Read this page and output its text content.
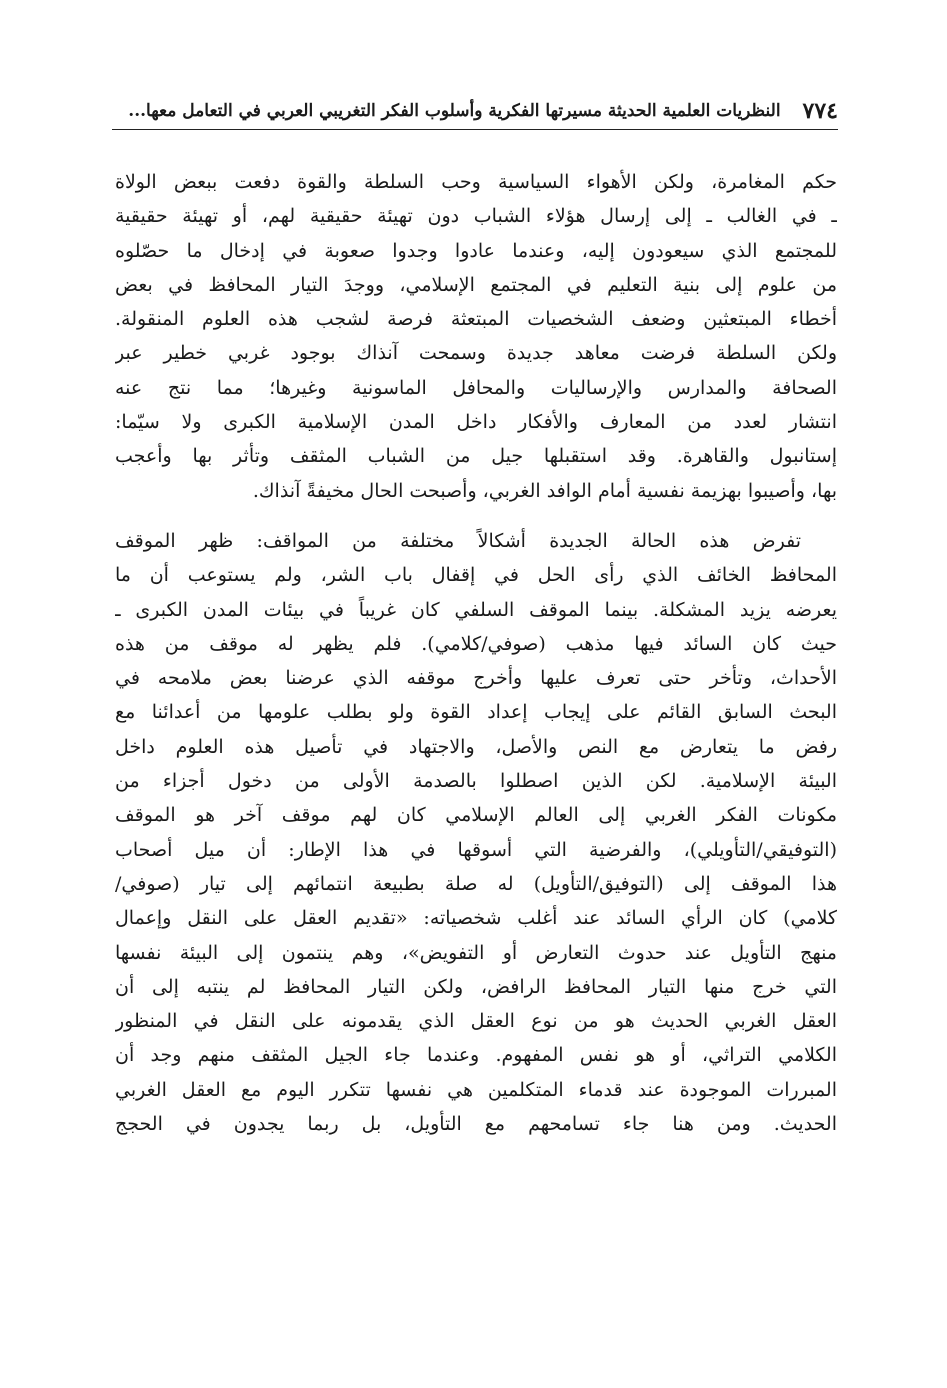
٧٧٤
النظريات العلمية الحديثة مسيرتها الفكرية وأسلوب الفكر التغريبي العربي في التعامل معها...
حكم المغامرة، ولكن الأهواء السياسية وحب السلطة والقوة دفعت ببعض الولاة
ـ في الغالب ـ إلى إرسال هؤلاء الشباب دون تهيئة حقيقية لهم، أو تهيئة حقيقية
للمجتمع الذي سيعودون إليه، وعندما عادوا وجدوا صعوبة في إدخال ما حصّلوه
من علوم إلى بنية التعليم في المجتمع الإسلامي، ووجدَ التيار المحافظ في بعض
أخطاء المبتعثين وضعف الشخصيات المبتعثة فرصة لشجب هذه العلوم المنقولة.
ولكن السلطة فرضت معاهد جديدة وسمحت آنذاك بوجود غربي خطير عبر
الصحافة والمدارس والإرساليات والمحافل الماسونية وغيرها؛ مما نتج عنه
انتشار لعدد من المعارف والأفكار داخل المدن الإسلامية الكبرى ولا سيّما:
إستانبول والقاهرة. وقد استقبلها جيل من الشباب المثقف وتأثر بها وأعجب
بها، وأصيبوا بهزيمة نفسية أمام الوافد الغربي، وأصبحت الحال مخيفةً آنذاك.
تفرض هذه الحالة الجديدة أشكالاً مختلفة من المواقف: ظهر الموقف
المحافظ الخائف الذي رأى الحل في إقفال باب الشر، ولم يستوعب أن ما
يعرضه يزيد المشكلة. بينما الموقف السلفي كان غريباً في بيئات المدن الكبرى ـ
حيث كان السائد فيها مذهب (صوفي/كلامي). فلم يظهر له موقف من هذه
الأحداث، وتأخر حتى تعرف عليها وأخرج موقفه الذي عرضنا بعض ملامحه في
البحث السابق القائم على إيجاب إعداد القوة ولو بطلب علومها من أعدائنا مع
رفض ما يتعارض مع النص والأصل، والاجتهاد في تأصيل هذه العلوم داخل
البيئة الإسلامية. لكن الذين اصطلوا بالصدمة الأولى من دخول أجزاء من
مكونات الفكر الغربي إلى العالم الإسلامي كان لهم موقف آخر هو الموقف
(التوفيقي/التأويلي)، والفرضية التي أسوقها في هذا الإطار: أن ميل أصحاب
هذا الموقف إلى (التوفيق/التأويل) له صلة بطبيعة انتمائهم إلى تيار (صوفي/
كلامي) كان الرأي السائد عند أغلب شخصياته: «تقديم العقل على النقل وإعمال
منهج التأويل عند حدوث التعارض أو التفويض»، وهم ينتمون إلى البيئة نفسها
التي خرج منها التيار المحافظ الرافض، ولكن التيار المحافظ لم ينتبه إلى أن
العقل الغربي الحديث هو من نوع العقل الذي يقدمونه على النقل في المنظور
الكلامي التراثي، أو هو نفس المفهوم. وعندما جاء الجيل المثقف منهم وجد أن
المبررات الموجودة عند قدماء المتكلمين هي نفسها تتكرر اليوم مع العقل الغربي
الحديث. ومن هنا جاء تسامحهم مع التأويل، بل ربما يجدون في الحجج
